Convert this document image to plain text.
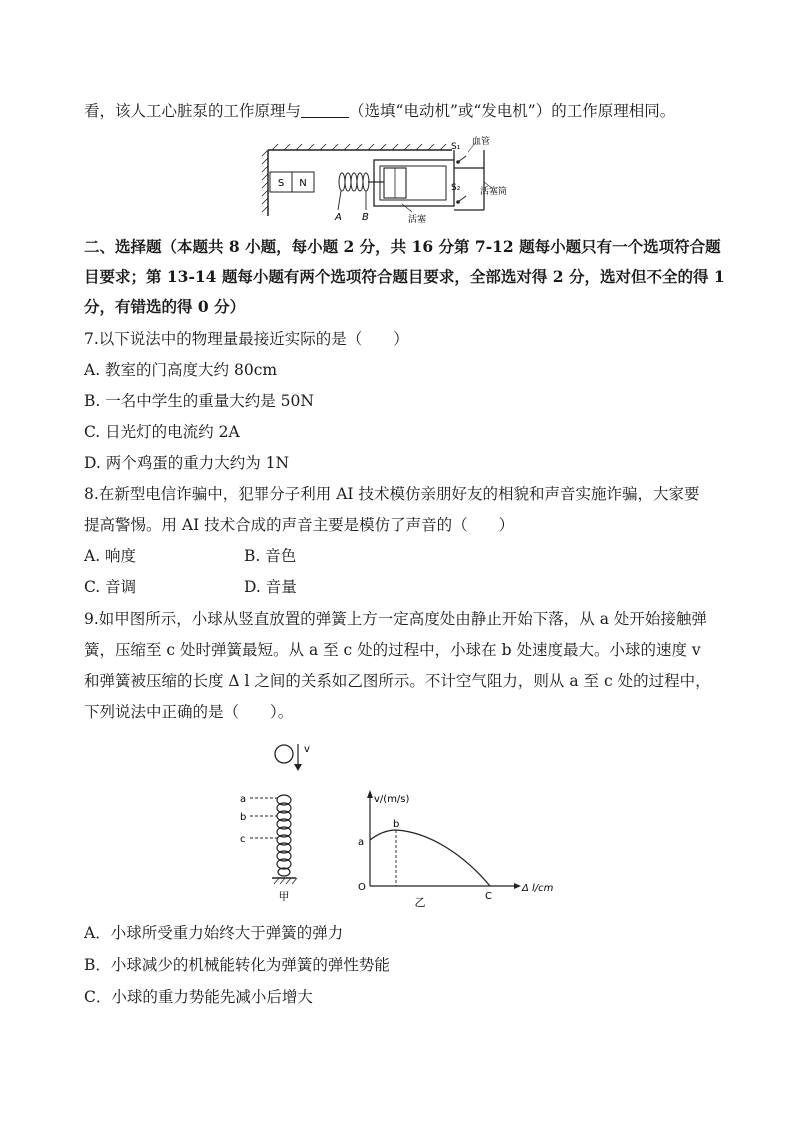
看，该人工心脏泵的工作原理与	（选填“电动机”或“发电机”）的工作原理相同。
S N
A B	活塞
S₁
S₂
血管
活塞筒
二、选择题（本题共 8 小题，每小题 2 分，共 16 分第 7-12 题每小题只有一个选项符合题
目要求；第 13-14 题每小题有两个选项符合题目要求，全部选对得 2 分，选对但不全的得 1
分，有错选的得 0 分）
7.以下说法中的物理量最接近实际的是（　　）
A. 教室的门高度大约 80cm
B. 一名中学生的重量大约是 50N
C. 日光灯的电流约 2A
D. 两个鸡蛋的重力大约为 1N
8.在新型电信诈骗中，犯罪分子利用 AI 技术模仿亲朋好友的相貌和声音实施诈骗，大家要
提高警惕。用 AI 技术合成的声音主要是模仿了声音的（　　）
A. 响度	B. 音色
C. 音调	D. 音量
9.如甲图所示，小球从竖直放置的弹簧上方一定高度处由静止开始下落，从 a 处开始接触弹
簧，压缩至 c 处时弹簧最短。从 a 至 c 处的过程中，小球在 b 处速度最大。小球的速度 v
和弹簧被压缩的长度 Δ l 之间的关系如乙图所示。不计空气阻力，则从 a 至 c 处的过程中，
下列说法中正确的是（　　）。
v
a
b
c
甲
v/(m/s)
Δ l/cm
O
a
b
C
乙
A．小球所受重力始终大于弹簧的弹力
B．小球减少的机械能转化为弹簧的弹性势能
C．小球的重力势能先减小后增大
